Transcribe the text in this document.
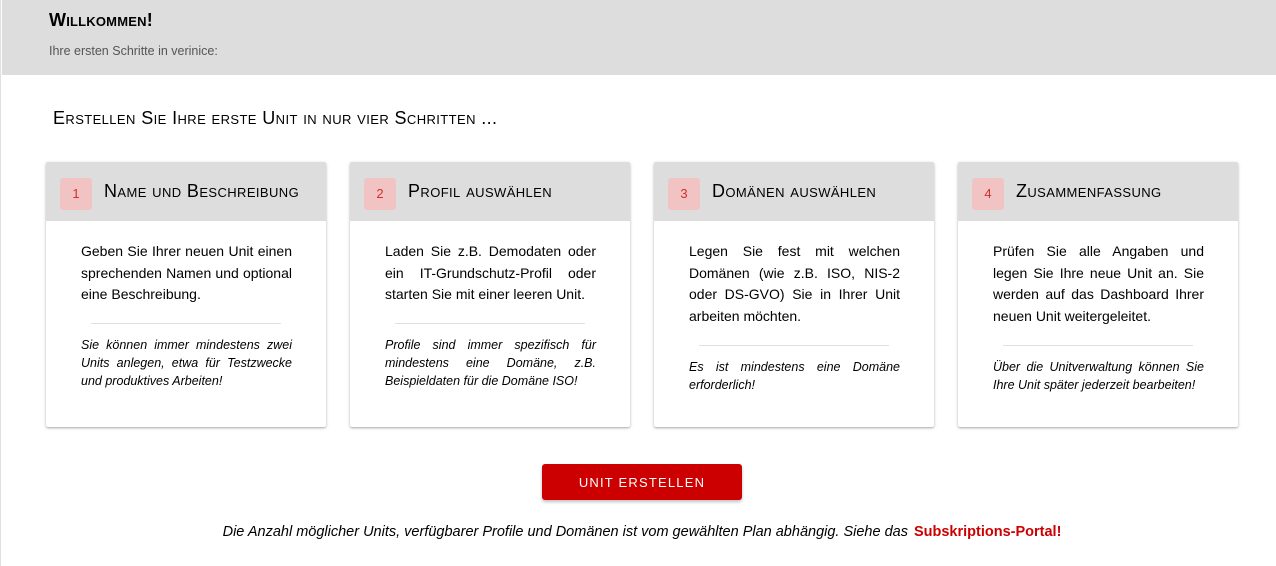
Willkommen!
Ihre ersten Schritte in verinice:
Erstellen Sie Ihre erste Unit in nur vier Schritten ...
1	Name und Beschreibung
Geben Sie Ihrer neuen Unit einen sprechenden Namen und optional eine Beschreibung.
Sie können immer mindestens zwei Units anlegen, etwa für Testzwecke und produktives Arbeiten!
2	Profil auswählen
Laden Sie z.B. Demodaten oder ein IT-Grundschutz-Profil oder starten Sie mit einer leeren Unit.
Profile sind immer spezifisch für mindestens eine Domäne, z.B. Beispieldaten für die Domäne ISO!
3	Domänen auswählen
Legen Sie fest mit welchen Domänen (wie z.B. ISO, NIS-2 oder DS-GVO) Sie in Ihrer Unit arbeiten möchten.
Es ist mindestens eine Domäne erforderlich!
4	Zusammenfassung
Prüfen Sie alle Angaben und legen Sie Ihre neue Unit an. Sie werden auf das Dashboard Ihrer neuen Unit weitergeleitet.
Über die Unitverwaltung können Sie Ihre Unit später jederzeit bearbeiten!
UNIT ERSTELLEN
Die Anzahl möglicher Units, verfügbarer Profile und Domänen ist vom gewählten Plan abhängig. Siehe das Subskriptions-Portal!
